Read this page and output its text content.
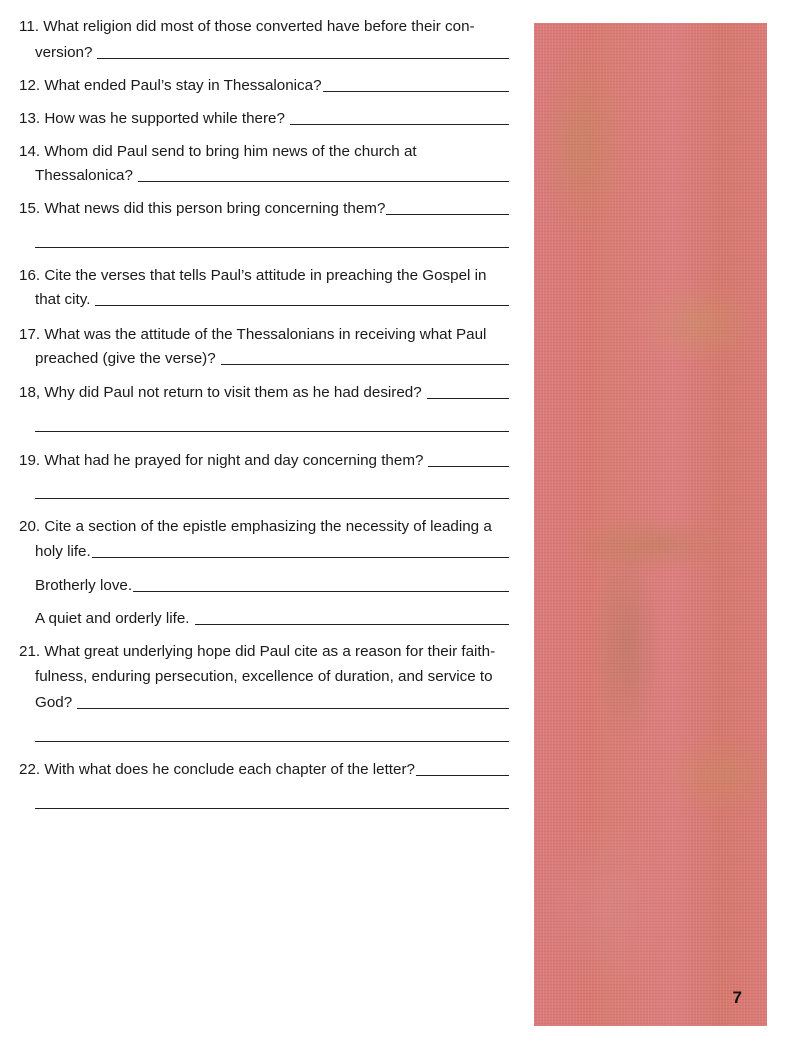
11. What religion did most of those converted have before their con-
version?
12. What ended Paul’s stay in Thessalonica?
13. How was he supported while there?
14. Whom did Paul send to bring him news of the church at
Thessalonica?
15. What news did this person bring concerning them?
16. Cite the verses that tells Paul’s attitude in preaching the Gospel in
that city.
17. What was the attitude of the Thessalonians in receiving what Paul
preached (give the verse)?
18, Why did Paul not return to visit them as he had desired?
19. What had he prayed for night and day concerning them?
20. Cite a section of the epistle emphasizing the necessity of leading a
holy life.
Brotherly love.
A quiet and orderly life.
21. What great underlying hope did Paul cite as a reason for their faith-
fulness, enduring persecution, excellence of duration, and service to
God?
22. With what does he conclude each chapter of the letter?
7
